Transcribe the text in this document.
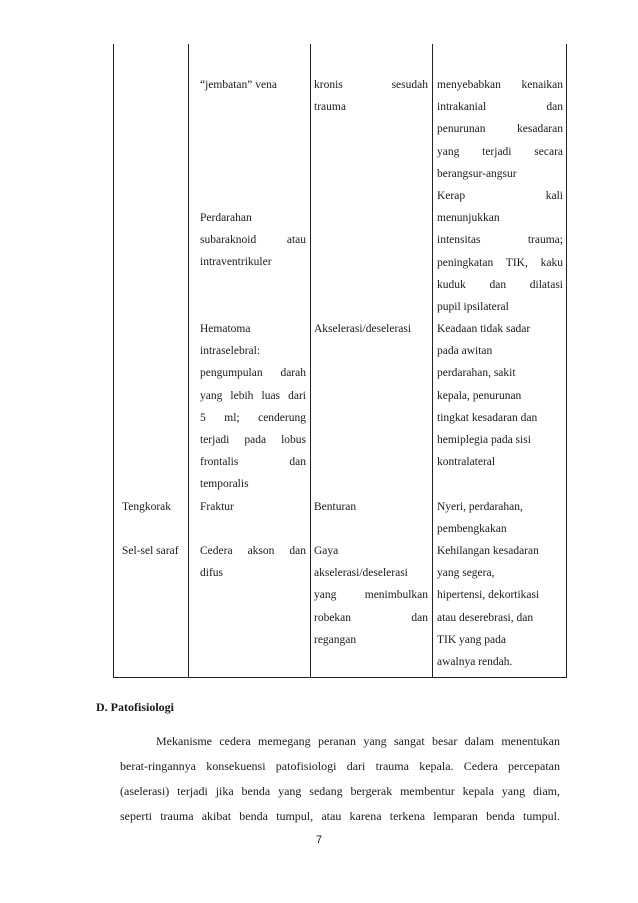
Tengkorak
Sel-sel saraf
“jembatan” vena
Perdarahan
subaraknoid atau
intraventrikuler
Hematoma
intraselebral:
pengumpulan darah
yang lebih luas dari
5 ml; cenderung
terjadi pada lobus
frontalis dan
temporalis
Fraktur
Cedera akson dan
difus
kronis sesudah
trauma
Akselerasi/deselerasi
Benturan
Gaya
akselerasi/deselerasi
yang menimbulkan
robekan dan
regangan
menyebabkan kenaikan
intrakanial dan
penurunan kesadaran
yang terjadi secara
berangsur-angsur
Kerap kali
menunjukkan
intensitas trauma;
peningkatan TIK, kaku
kuduk dan dilatasi
pupil ipsilateral
Keadaan tidak sadar
pada awitan
perdarahan, sakit
kepala, penurunan
tingkat kesadaran dan
hemiplegia pada sisi
kontralateral
Nyeri, perdarahan,
pembengkakan
Kehilangan kesadaran
yang segera,
hipertensi, dekortikasi
atau deserebrasi, dan
TIK yang pada
awalnya rendah.
D. Patofisiologi
Mekanisme cedera memegang peranan yang sangat besar dalam menentukan
berat-ringannya konsekuensi patofisiologi dari trauma kepala. Cedera percepatan
(aselerasi) terjadi jika benda yang sedang bergerak membentur kepala yang diam,
seperti trauma akibat benda tumpul, atau karena terkena lemparan benda tumpul.
7
